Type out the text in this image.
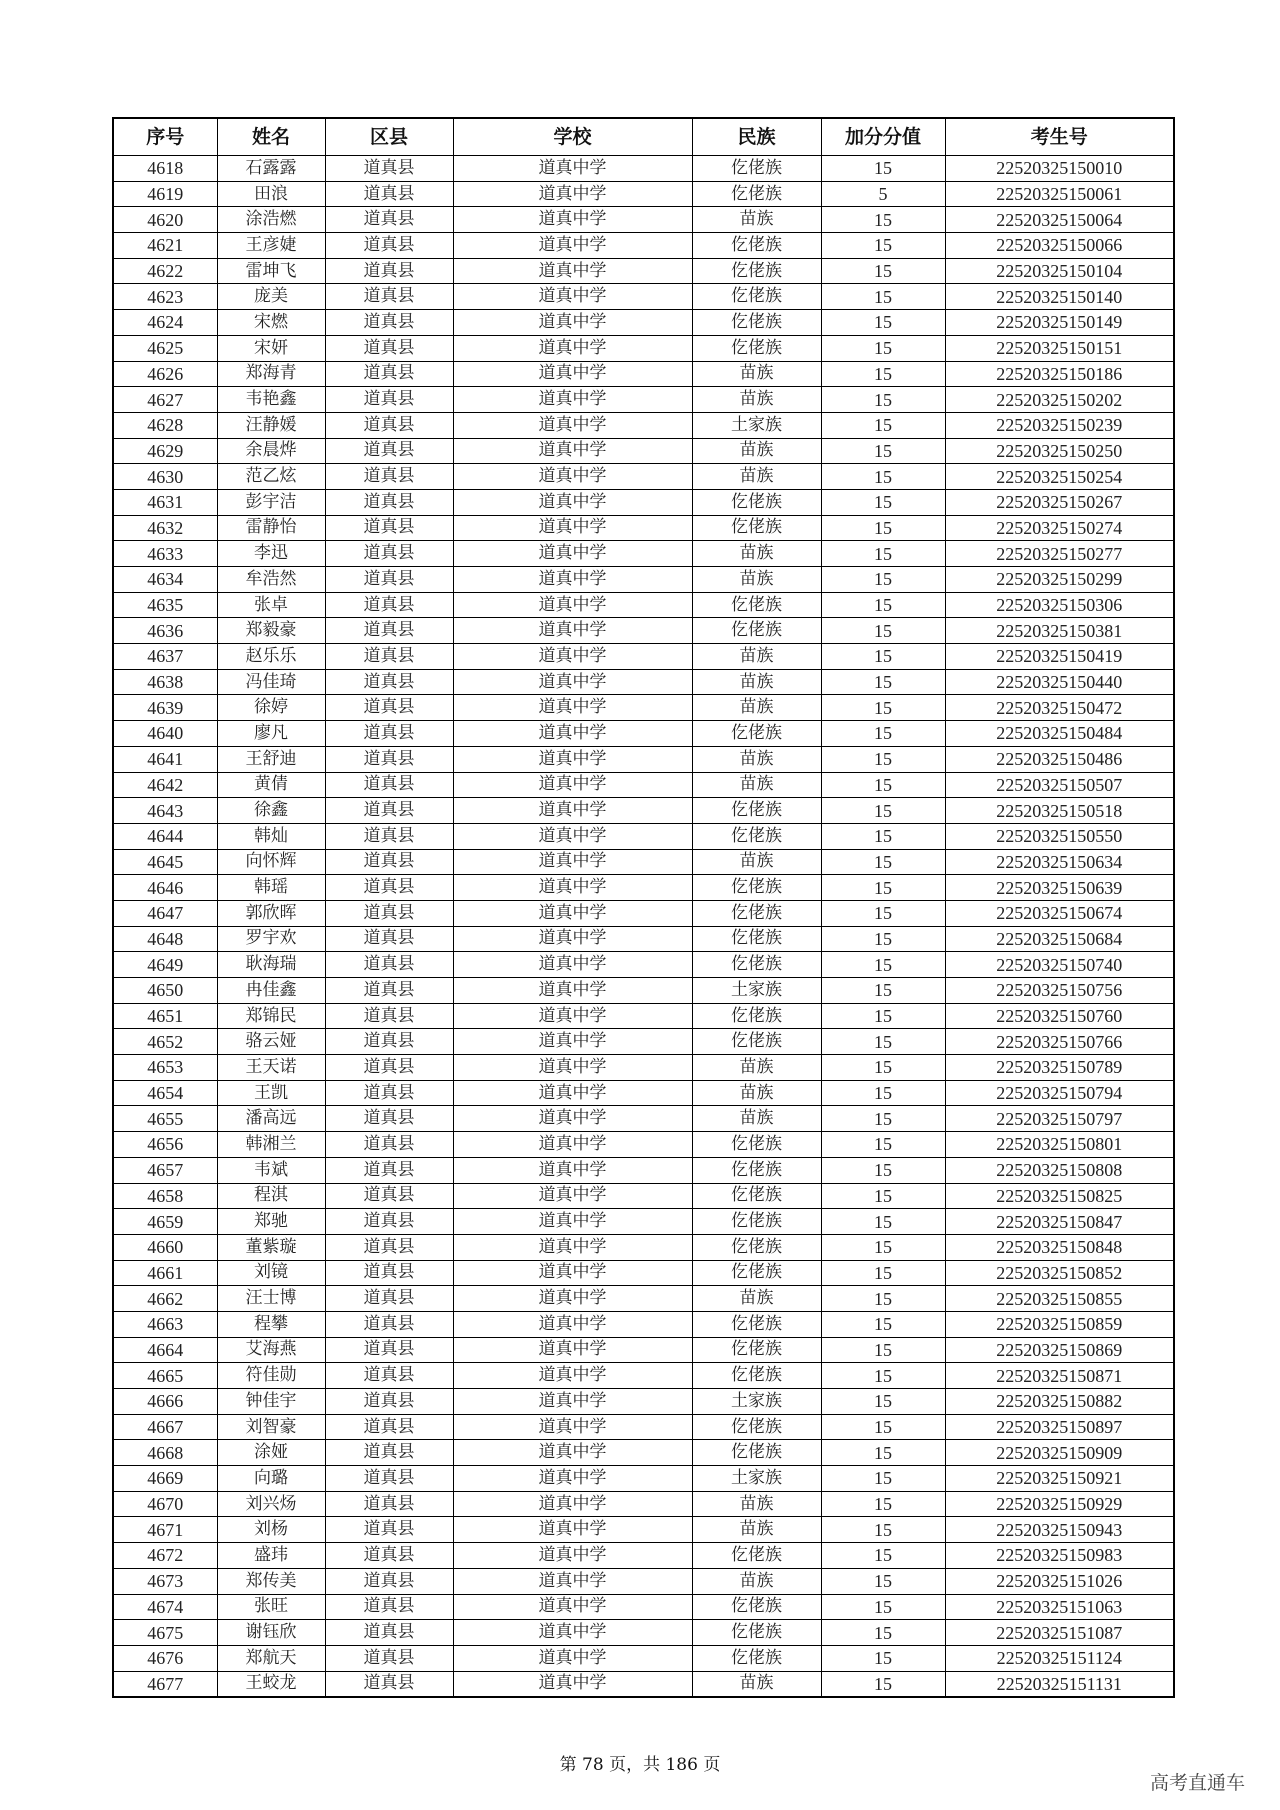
序号	姓名	区县	学校	民族	加分分值	考生号
4618	石露露	道真县	道真中学	仡佬族	15	22520325150010
4619	田浪	道真县	道真中学	仡佬族	5	22520325150061
4620	涂浩燃	道真县	道真中学	苗族	15	22520325150064
4621	王彦婕	道真县	道真中学	仡佬族	15	22520325150066
4622	雷坤飞	道真县	道真中学	仡佬族	15	22520325150104
4623	庞美	道真县	道真中学	仡佬族	15	22520325150140
4624	宋燃	道真县	道真中学	仡佬族	15	22520325150149
4625	宋妍	道真县	道真中学	仡佬族	15	22520325150151
4626	郑海青	道真县	道真中学	苗族	15	22520325150186
4627	韦艳鑫	道真县	道真中学	苗族	15	22520325150202
4628	汪静媛	道真县	道真中学	土家族	15	22520325150239
4629	余晨烨	道真县	道真中学	苗族	15	22520325150250
4630	范乙炫	道真县	道真中学	苗族	15	22520325150254
4631	彭宇洁	道真县	道真中学	仡佬族	15	22520325150267
4632	雷静怡	道真县	道真中学	仡佬族	15	22520325150274
4633	李迅	道真县	道真中学	苗族	15	22520325150277
4634	牟浩然	道真县	道真中学	苗族	15	22520325150299
4635	张卓	道真县	道真中学	仡佬族	15	22520325150306
4636	郑毅豪	道真县	道真中学	仡佬族	15	22520325150381
4637	赵乐乐	道真县	道真中学	苗族	15	22520325150419
4638	冯佳琦	道真县	道真中学	苗族	15	22520325150440
4639	徐婷	道真县	道真中学	苗族	15	22520325150472
4640	廖凡	道真县	道真中学	仡佬族	15	22520325150484
4641	王舒迪	道真县	道真中学	苗族	15	22520325150486
4642	黄倩	道真县	道真中学	苗族	15	22520325150507
4643	徐鑫	道真县	道真中学	仡佬族	15	22520325150518
4644	韩灿	道真县	道真中学	仡佬族	15	22520325150550
4645	向怀辉	道真县	道真中学	苗族	15	22520325150634
4646	韩瑶	道真县	道真中学	仡佬族	15	22520325150639
4647	郭欣晖	道真县	道真中学	仡佬族	15	22520325150674
4648	罗宇欢	道真县	道真中学	仡佬族	15	22520325150684
4649	耿海瑞	道真县	道真中学	仡佬族	15	22520325150740
4650	冉佳鑫	道真县	道真中学	土家族	15	22520325150756
4651	郑锦民	道真县	道真中学	仡佬族	15	22520325150760
4652	骆云娅	道真县	道真中学	仡佬族	15	22520325150766
4653	王天诺	道真县	道真中学	苗族	15	22520325150789
4654	王凯	道真县	道真中学	苗族	15	22520325150794
4655	潘高远	道真县	道真中学	苗族	15	22520325150797
4656	韩湘兰	道真县	道真中学	仡佬族	15	22520325150801
4657	韦斌	道真县	道真中学	仡佬族	15	22520325150808
4658	程淇	道真县	道真中学	仡佬族	15	22520325150825
4659	郑驰	道真县	道真中学	仡佬族	15	22520325150847
4660	董紫璇	道真县	道真中学	仡佬族	15	22520325150848
4661	刘镜	道真县	道真中学	仡佬族	15	22520325150852
4662	汪士博	道真县	道真中学	苗族	15	22520325150855
4663	程攀	道真县	道真中学	仡佬族	15	22520325150859
4664	艾海燕	道真县	道真中学	仡佬族	15	22520325150869
4665	符佳勋	道真县	道真中学	仡佬族	15	22520325150871
4666	钟佳宇	道真县	道真中学	土家族	15	22520325150882
4667	刘智豪	道真县	道真中学	仡佬族	15	22520325150897
4668	涂娅	道真县	道真中学	仡佬族	15	22520325150909
4669	向璐	道真县	道真中学	土家族	15	22520325150921
4670	刘兴炀	道真县	道真中学	苗族	15	22520325150929
4671	刘杨	道真县	道真中学	苗族	15	22520325150943
4672	盛玮	道真县	道真中学	仡佬族	15	22520325150983
4673	郑传美	道真县	道真中学	苗族	15	22520325151026
4674	张旺	道真县	道真中学	仡佬族	15	22520325151063
4675	谢钰欣	道真县	道真中学	仡佬族	15	22520325151087
4676	郑航天	道真县	道真中学	仡佬族	15	22520325151124
4677	王蛟龙	道真县	道真中学	苗族	15	22520325151131
第 78 页，共 186 页
高考直通车
